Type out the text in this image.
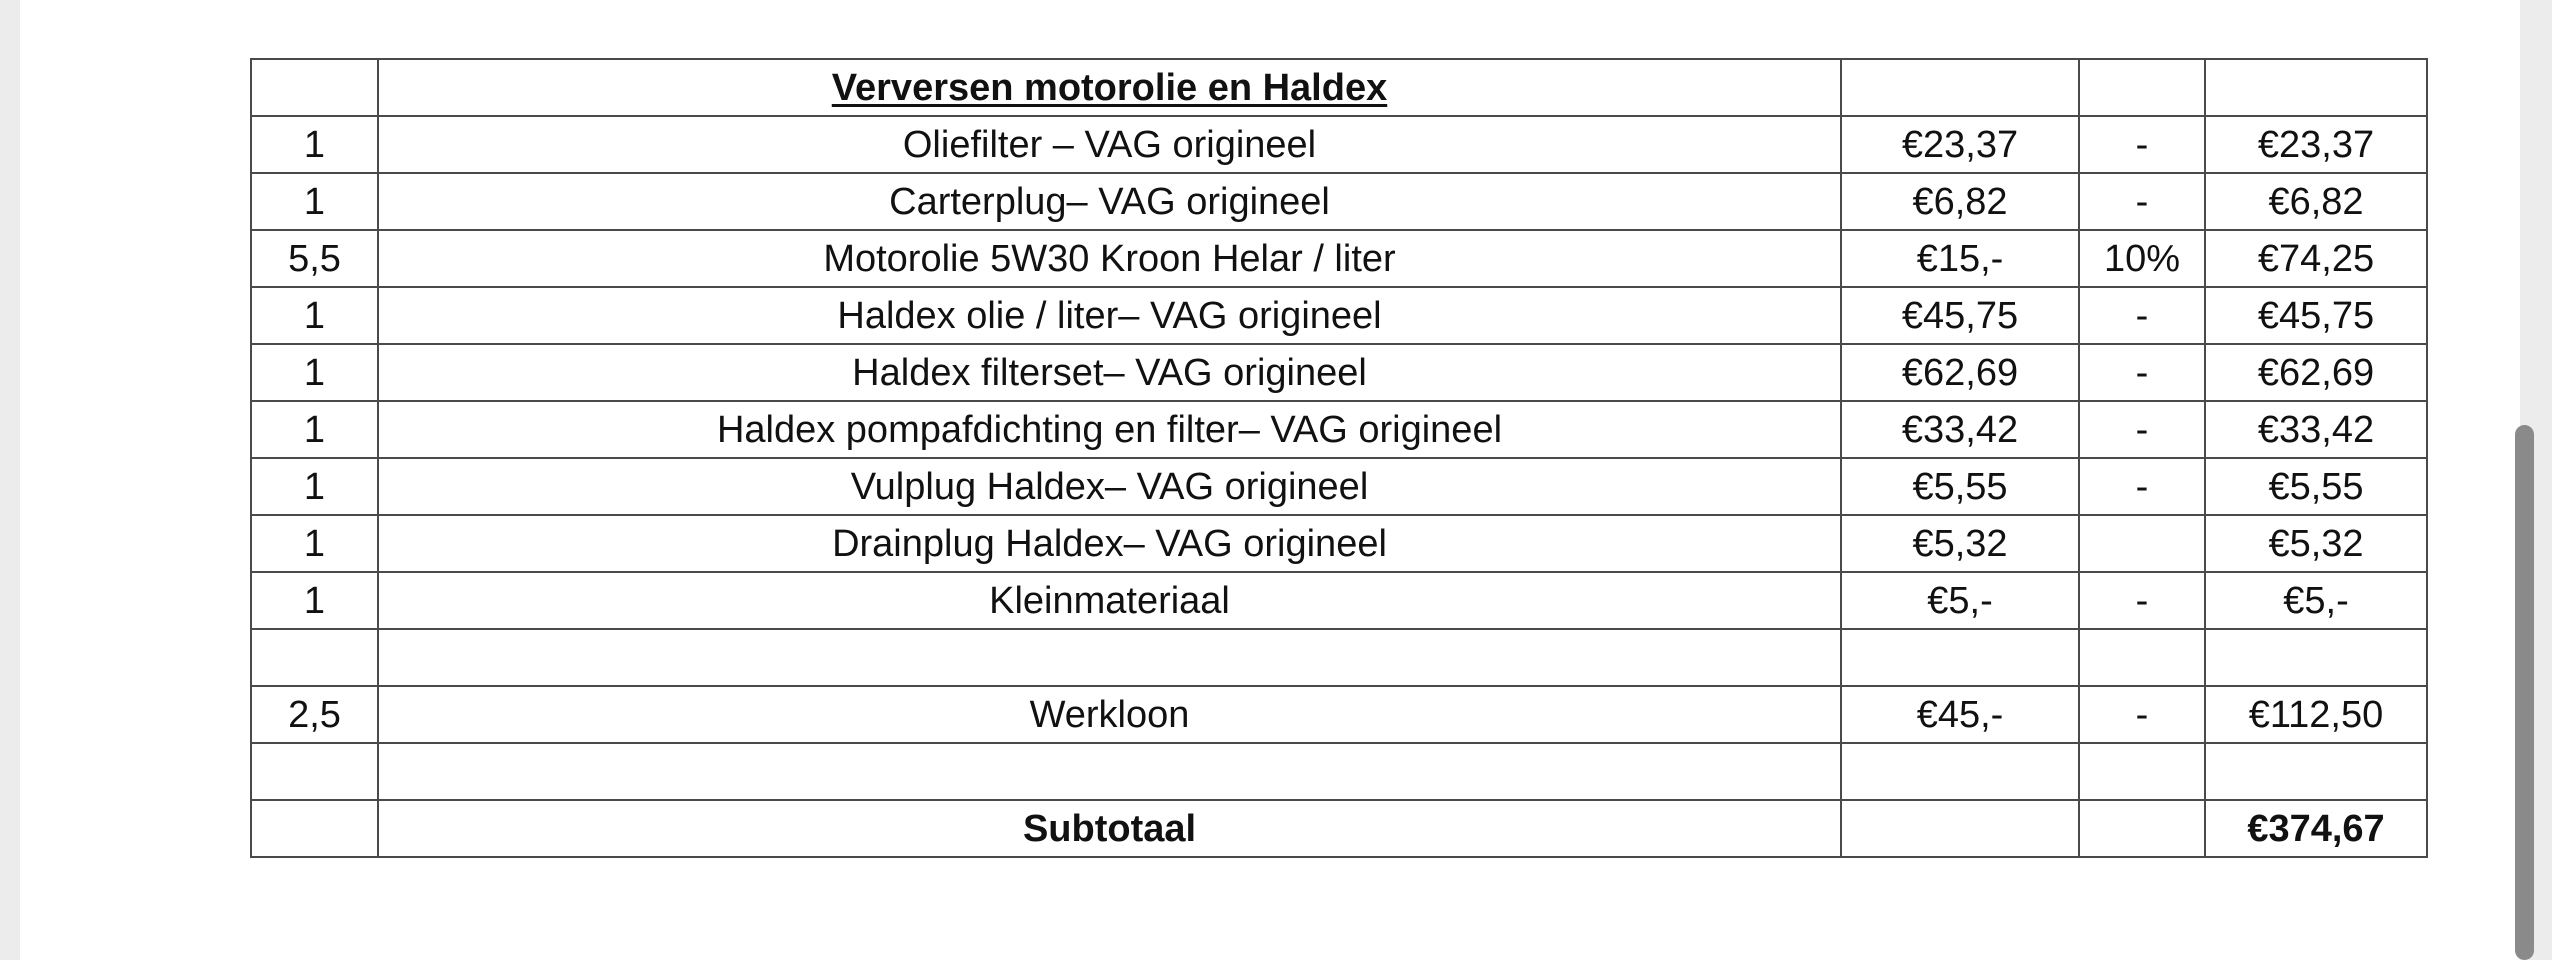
	Verversen motorolie en Haldex			
1	Oliefilter – VAG origineel	€23,37	-	€23,37
1	Carterplug– VAG origineel	€6,82	-	€6,82
5,5	Motorolie 5W30 Kroon Helar / liter	€15,-	10%	€74,25
1	Haldex olie / liter– VAG origineel	€45,75	-	€45,75
1	Haldex filterset– VAG origineel	€62,69	-	€62,69
1	Haldex pompafdichting en filter– VAG origineel	€33,42	-	€33,42
1	Vulplug Haldex– VAG origineel	€5,55	-	€5,55
1	Drainplug Haldex– VAG origineel	€5,32		€5,32
1	Kleinmateriaal	€5,-	-	€5,-

2,5	Werkloon	€45,-	-	€112,50

	Subtotaal			€374,67
